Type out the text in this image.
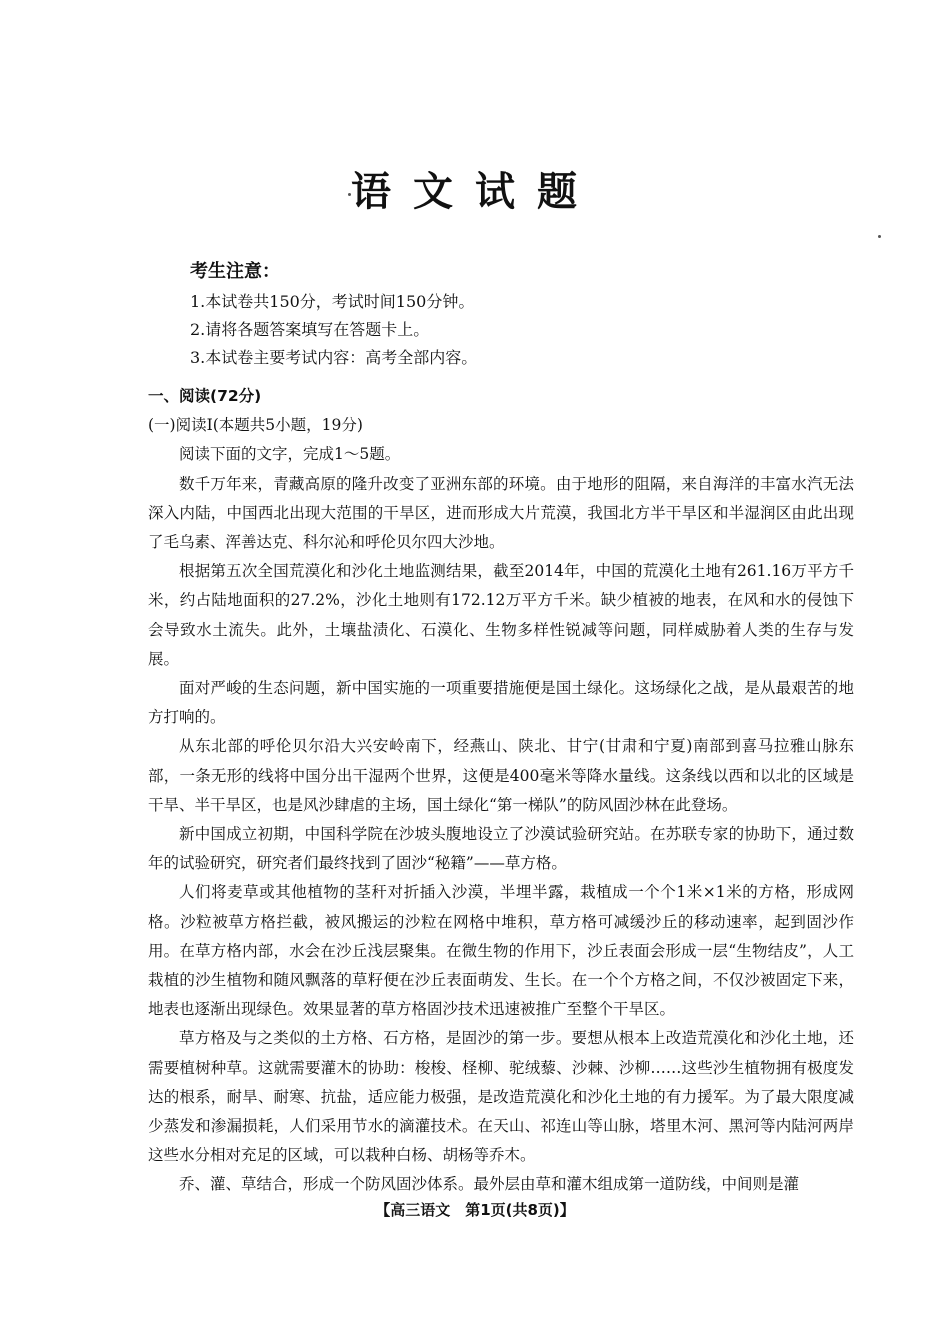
语文试题
考生注意：
1.本试卷共150分，考试时间150分钟。
2.请将各题答案填写在答题卡上。
3.本试卷主要考试内容：高考全部内容。
一、阅读(72分)
(一)阅读Ⅰ(本题共5小题，19分)
阅读下面的文字，完成1～5题。

数千万年来，青藏高原的隆升改变了亚洲东部的环境。由于地形的阻隔，来自海洋的丰富水汽无法深入内陆，中国西北出现大范围的干旱区，进而形成大片荒漠，我国北方半干旱区和半湿润区由此出现了毛乌素、浑善达克、科尔沁和呼伦贝尔四大沙地。

根据第五次全国荒漠化和沙化土地监测结果，截至2014年，中国的荒漠化土地有261.16万平方千米，约占陆地面积的27.2%，沙化土地则有172.12万平方千米。缺少植被的地表，在风和水的侵蚀下会导致水土流失。此外，土壤盐渍化、石漠化、生物多样性锐减等问题，同样威胁着人类的生存与发展。

面对严峻的生态问题，新中国实施的一项重要措施便是国土绿化。这场绿化之战，是从最艰苦的地方打响的。

从东北部的呼伦贝尔沿大兴安岭南下，经燕山、陕北、甘宁(甘肃和宁夏)南部到喜马拉雅山脉东部，一条无形的线将中国分出干湿两个世界，这便是400毫米等降水量线。这条线以西和以北的区域是干旱、半干旱区，也是风沙肆虐的主场，国土绿化“第一梯队”的防风固沙林在此登场。

新中国成立初期，中国科学院在沙坡头腹地设立了沙漠试验研究站。在苏联专家的协助下，通过数年的试验研究，研究者们最终找到了固沙“秘籍”——草方格。

人们将麦草或其他植物的茎秆对折插入沙漠，半埋半露，栽植成一个个1米×1米的方格，形成网格。沙粒被草方格拦截，被风搬运的沙粒在网格中堆积，草方格可减缓沙丘的移动速率，起到固沙作用。在草方格内部，水会在沙丘浅层聚集。在微生物的作用下，沙丘表面会形成一层“生物结皮”，人工栽植的沙生植物和随风飘落的草籽便在沙丘表面萌发、生长。在一个个方格之间，不仅沙被固定下来，地表也逐渐出现绿色。效果显著的草方格固沙技术迅速被推广至整个干旱区。

草方格及与之类似的土方格、石方格，是固沙的第一步。要想从根本上改造荒漠化和沙化土地，还需要植树种草。这就需要灌木的协助：梭梭、柽柳、驼绒藜、沙棘、沙柳……这些沙生植物拥有极度发达的根系，耐旱、耐寒、抗盐，适应能力极强，是改造荒漠化和沙化土地的有力援军。为了最大限度减少蒸发和渗漏损耗，人们采用节水的滴灌技术。在天山、祁连山等山脉，塔里木河、黑河等内陆河两岸这些水分相对充足的区域，可以栽种白杨、胡杨等乔木。

乔、灌、草结合，形成一个防风固沙体系。最外层由草和灌木组成第一道防线，中间则是灌

【高三语文　第1页(共8页)】
